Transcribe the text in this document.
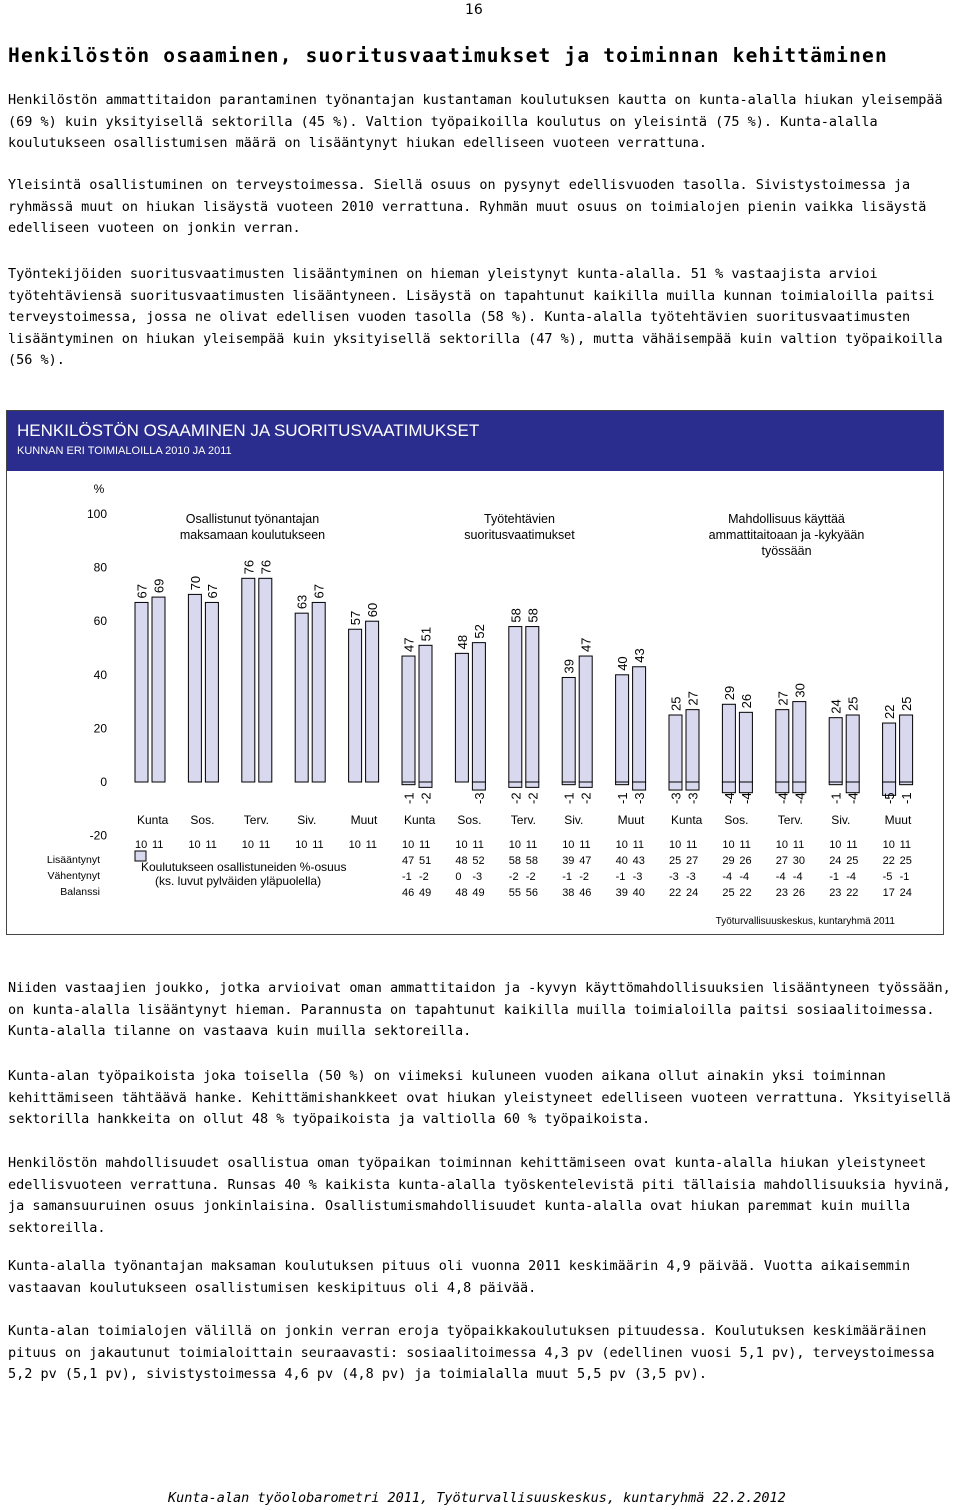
16
Henkilöstön osaaminen, suoritusvaatimukset ja toiminnan kehittäminen
Henkilöstön ammattitaidon parantaminen työnantajan kustantaman koulutuksen kautta on kunta-alalla hiukan yleisempää (69 %) kuin yksityisellä sektorilla (45 %). Valtion työpaikoilla koulutus on yleisintä (75 %). Kunta-alalla koulutukseen osallistumisen määrä on lisääntynyt hiukan edelliseen vuoteen verrattuna.
Yleisintä osallistuminen on terveystoimessa. Siellä osuus on pysynyt edellisvuoden tasolla. Sivistystoimessa ja ryhmässä muut on hiukan lisäystä vuoteen 2010 verrattuna. Ryhmän muut osuus on toimialojen pienin vaikka lisäystä edelliseen vuoteen on jonkin verran.
Työntekijöiden suoritusvaatimusten lisääntyminen on hieman yleistynyt kunta-alalla. 51 % vastaajista arvioi työtehtäviensä suoritusvaatimusten lisääntyneen. Lisäystä on tapahtunut kaikilla muilla kunnan toimialoilla paitsi terveystoimessa, jossa ne olivat edellisen vuoden tasolla (58 %). Kunta-alalla työtehtävien suoritusvaatimusten lisääntyminen on hiukan yleisempää kuin yksityisellä sektorilla (47 %), mutta vähäisempää kuin valtion työpaikoilla (56 %).
HENKILÖSTÖN OSAAMINEN JA SUORITUSVAATIMUKSET
KUNNAN ERI TOIMIALOILLA 2010 JA 2011
%
100
80
60
40
20
0
-20
Osallistunut työnantajan
maksamaan koulutukseen
67 69
Kunta
10 11
70
67
Sos.
10 11
76 76
Terv.
10 11
63
67
Siv.
10 11
57
60
Muut
10 11
Koulutukseen osallistuneiden %-osuus
(ks. luvut pylväiden yläpuolella)
Työtehtävien
suoritusvaatimukset
47
51
-1 -2
Kunta
10 11
47 51
-1 -2
46 49
48
52
-3
Sos.
10 11
48 52
0 -3
48 49
58 58
-2 -2
Terv.
10 11
58 58
-2 -2
55 56
39
47
-1 -2
Siv.
10 11
39 47
-1 -2
38 46
40
43
-1 -3
Muut
10 11
40 43
-1 -3
39 40
Mahdollisuus käyttää
ammattitaitoaan ja -kykyään
työssään
25 27
-3 -3
Kunta
10 11
25 27
-3 -3
22 24
29
26
-4 -4
Sos.
10 11
29 26
-4 -4
25 22
27
30
-4 -4
Terv.
10 11
27 30
-4 -4
23 26
24 25
-1 -4
Siv.
10 11
24 25
-1 -4
23 22
22
25
-5 -1
Muut
10 11
22 25
-5 -1
17 24
Lisääntynyt
Vähentynyt
Balanssi
Työturvallisuuskeskus, kuntaryhmä 2011
Niiden vastaajien joukko, jotka arvioivat oman ammattitaidon ja -kyvyn käyttömahdollisuuksien lisääntyneen työssään, on kunta-alalla lisääntynyt hieman. Parannusta on tapahtunut kaikilla muilla toimialoilla paitsi sosiaalitoimessa. Kunta-alalla tilanne on vastaava kuin muilla sektoreilla.
Kunta-alan työpaikoista joka toisella (50 %) on viimeksi kuluneen vuoden aikana ollut ainakin yksi toiminnan kehittämiseen tähtäävä hanke. Kehittämishankkeet ovat hiukan yleistyneet edelliseen vuoteen verrattuna. Yksityisellä sektorilla hankkeita on ollut 48 % työpaikoista ja valtiolla 60 % työpaikoista.
Henkilöstön mahdollisuudet osallistua oman työpaikan toiminnan kehittämiseen ovat kunta-alalla hiukan yleistyneet edellisvuoteen verrattuna. Runsas 40 % kaikista kunta-alalla työskentelevistä piti tällaisia mahdollisuuksia hyvinä, ja samansuuruinen osuus jonkinlaisina. Osallistumismahdollisuudet kunta-alalla ovat hiukan paremmat kuin muilla sektoreilla.
Kunta-alalla työnantajan maksaman koulutuksen pituus oli vuonna 2011 keskimäärin 4,9 päivää. Vuotta aikaisemmin vastaavan koulutukseen osallistumisen keskipituus oli 4,8 päivää.
Kunta-alan toimialojen välillä on jonkin verran eroja työpaikkakoulutuksen pituudessa. Koulutuksen keskimääräinen pituus on jakautunut toimialoittain seuraavasti: sosiaalitoimessa 4,3 pv (edellinen vuosi 5,1 pv), terveystoimessa 5,2 pv (5,1 pv), sivistystoimessa 4,6 pv (4,8 pv) ja toimialalla muut 5,5 pv (3,5 pv).
Kunta-alan työolobarometri 2011, Työturvallisuuskeskus, kuntaryhmä 22.2.2012
